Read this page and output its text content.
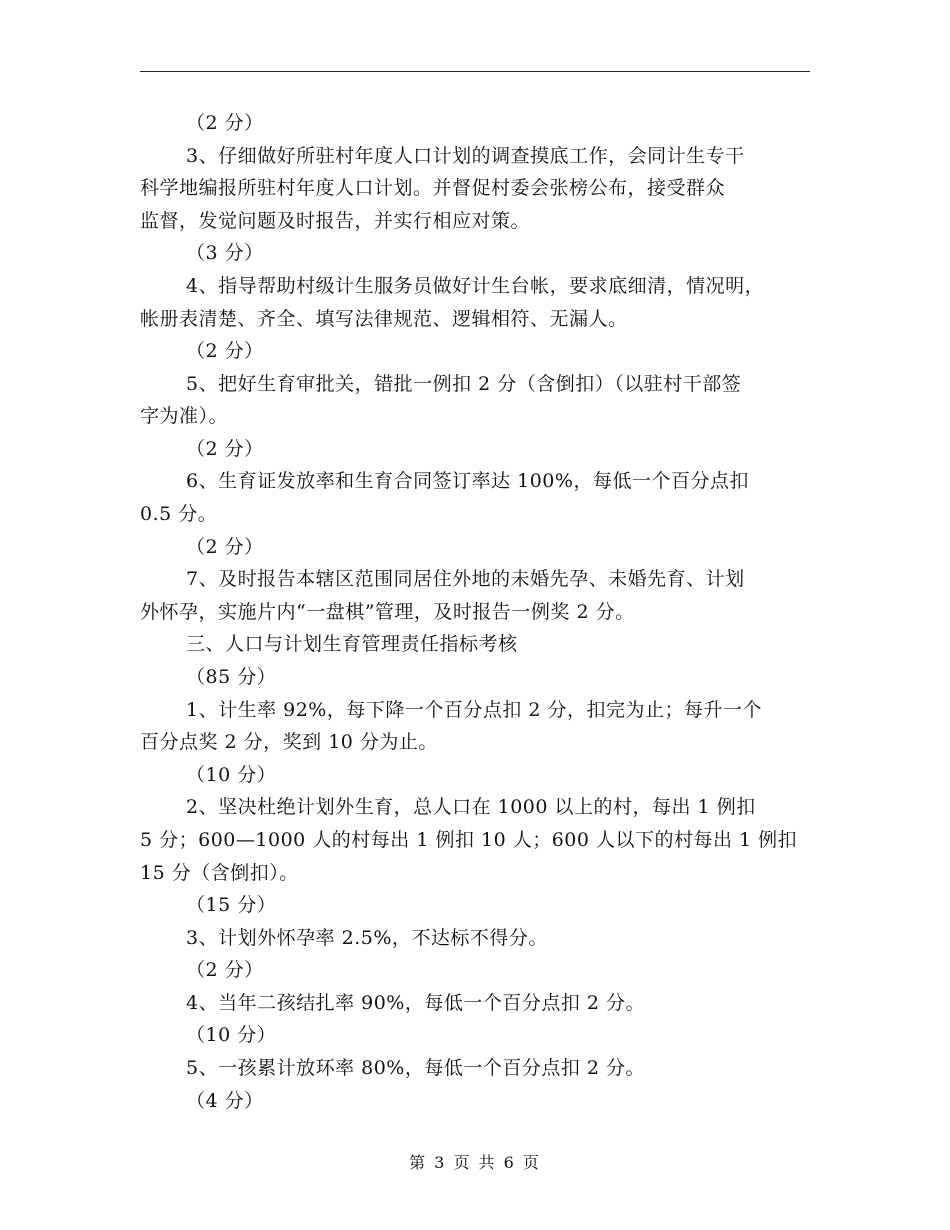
（2 分）
3、仔细做好所驻村年度人口计划的调查摸底工作，会同计生专干
科学地编报所驻村年度人口计划。并督促村委会张榜公布，接受群众
监督，发觉问题及时报告，并实行相应对策。
（3 分）
4、指导帮助村级计生服务员做好计生台帐，要求底细清，情况明，
帐册表清楚、齐全、填写法律规范、逻辑相符、无漏人。
（2 分）
5、把好生育审批关，错批一例扣 2 分（含倒扣）（以驻村干部签
字为准）。
（2 分）
6、生育证发放率和生育合同签订率达 100%，每低一个百分点扣
0.5 分。
（2 分）
7、及时报告本辖区范围同居住外地的未婚先孕、未婚先育、计划
外怀孕，实施片内“一盘棋”管理，及时报告一例奖 2 分。
三、人口与计划生育管理责任指标考核
（85 分）
1、计生率 92%，每下降一个百分点扣 2 分，扣完为止；每升一个
百分点奖 2 分，奖到 10 分为止。
（10 分）
2、坚决杜绝计划外生育，总人口在 1000 以上的村，每出 1 例扣
5 分；600—1000 人的村每出 1 例扣 10 人；600 人以下的村每出 1 例扣
15 分（含倒扣）。
（15 分）
3、计划外怀孕率 2.5%，不达标不得分。
（2 分）
4、当年二孩结扎率 90%，每低一个百分点扣 2 分。
（10 分）
5、一孩累计放环率 80%，每低一个百分点扣 2 分。
（4 分）
第 3 页 共 6 页
